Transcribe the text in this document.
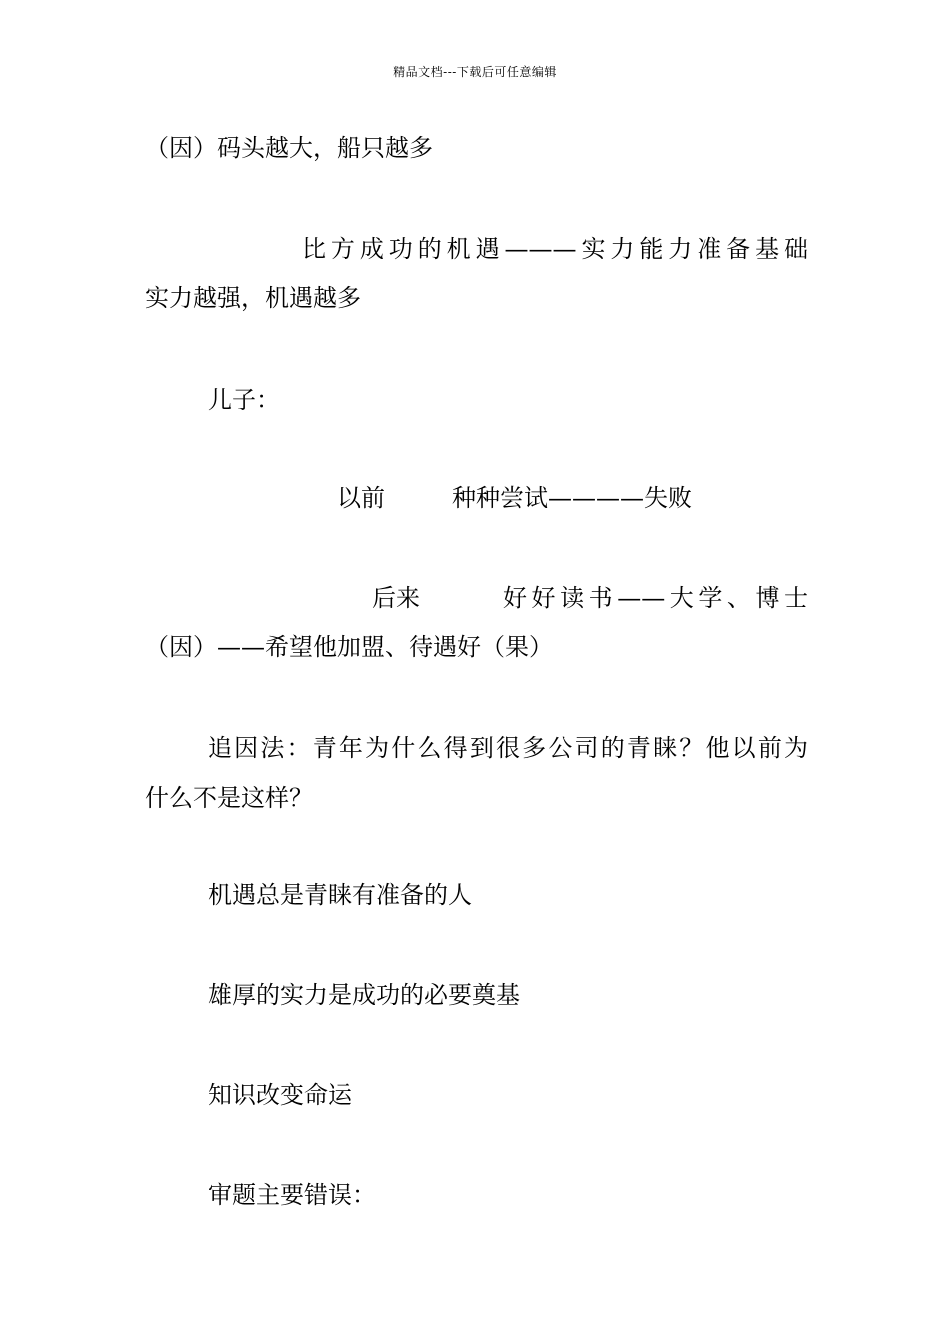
精品文档---下载后可任意编辑
（因）码头越大，船只越多
比方成功的机遇———实力能力准备基础
实力越强，机遇越多
儿子：
以前	种种尝试————失败
后来	好好读书——大学、博士
（因）——希望他加盟、待遇好（果）
追因法：青年为什么得到很多公司的青睐？他以前为
什么不是这样？
机遇总是青睐有准备的人
雄厚的实力是成功的必要奠基
知识改变命运
审题主要错误：
